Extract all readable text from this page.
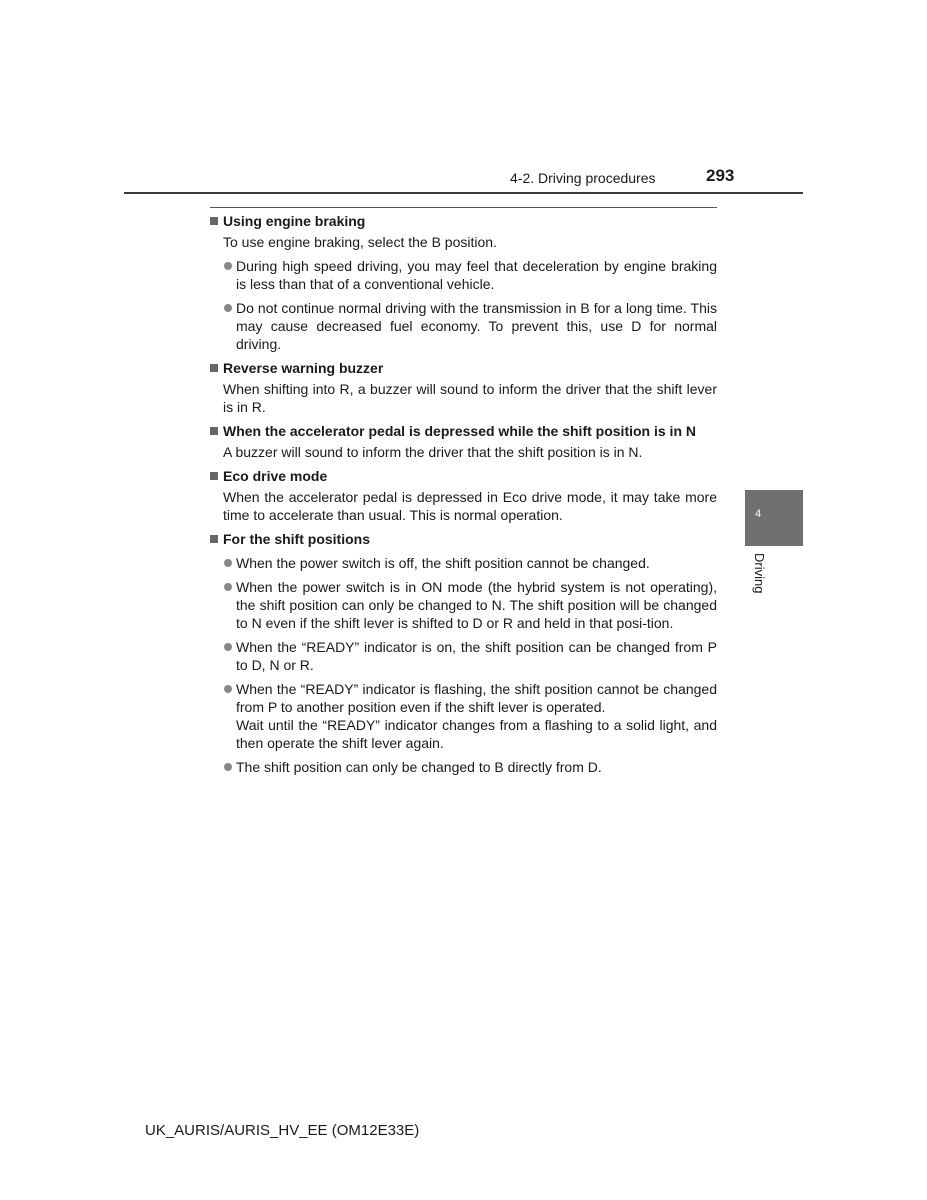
4-2. Driving procedures	293
Using engine braking
To use engine braking, select the B position.
During high speed driving, you may feel that deceleration by engine braking is less than that of a conventional vehicle.
Do not continue normal driving with the transmission in B for a long time. This may cause decreased fuel economy. To prevent this, use D for normal driving.
Reverse warning buzzer
When shifting into R, a buzzer will sound to inform the driver that the shift lever is in R.
When the accelerator pedal is depressed while the shift position is in N
A buzzer will sound to inform the driver that the shift position is in N.
Eco drive mode
When the accelerator pedal is depressed in Eco drive mode, it may take more time to accelerate than usual. This is normal operation.
For the shift positions
When the power switch is off, the shift position cannot be changed.
When the power switch is in ON mode (the hybrid system is not operating), the shift position can only be changed to N. The shift position will be changed to N even if the shift lever is shifted to D or R and held in that posi-tion.
When the “READY” indicator is on, the shift position can be changed from P to D, N or R.
When the “READY” indicator is flashing, the shift position cannot be changed from P to another position even if the shift lever is operated.
Wait until the “READY” indicator changes from a flashing to a solid light, and then operate the shift lever again.
The shift position can only be changed to B directly from D.
4
Driving
UK_AURIS/AURIS_HV_EE (OM12E33E)
